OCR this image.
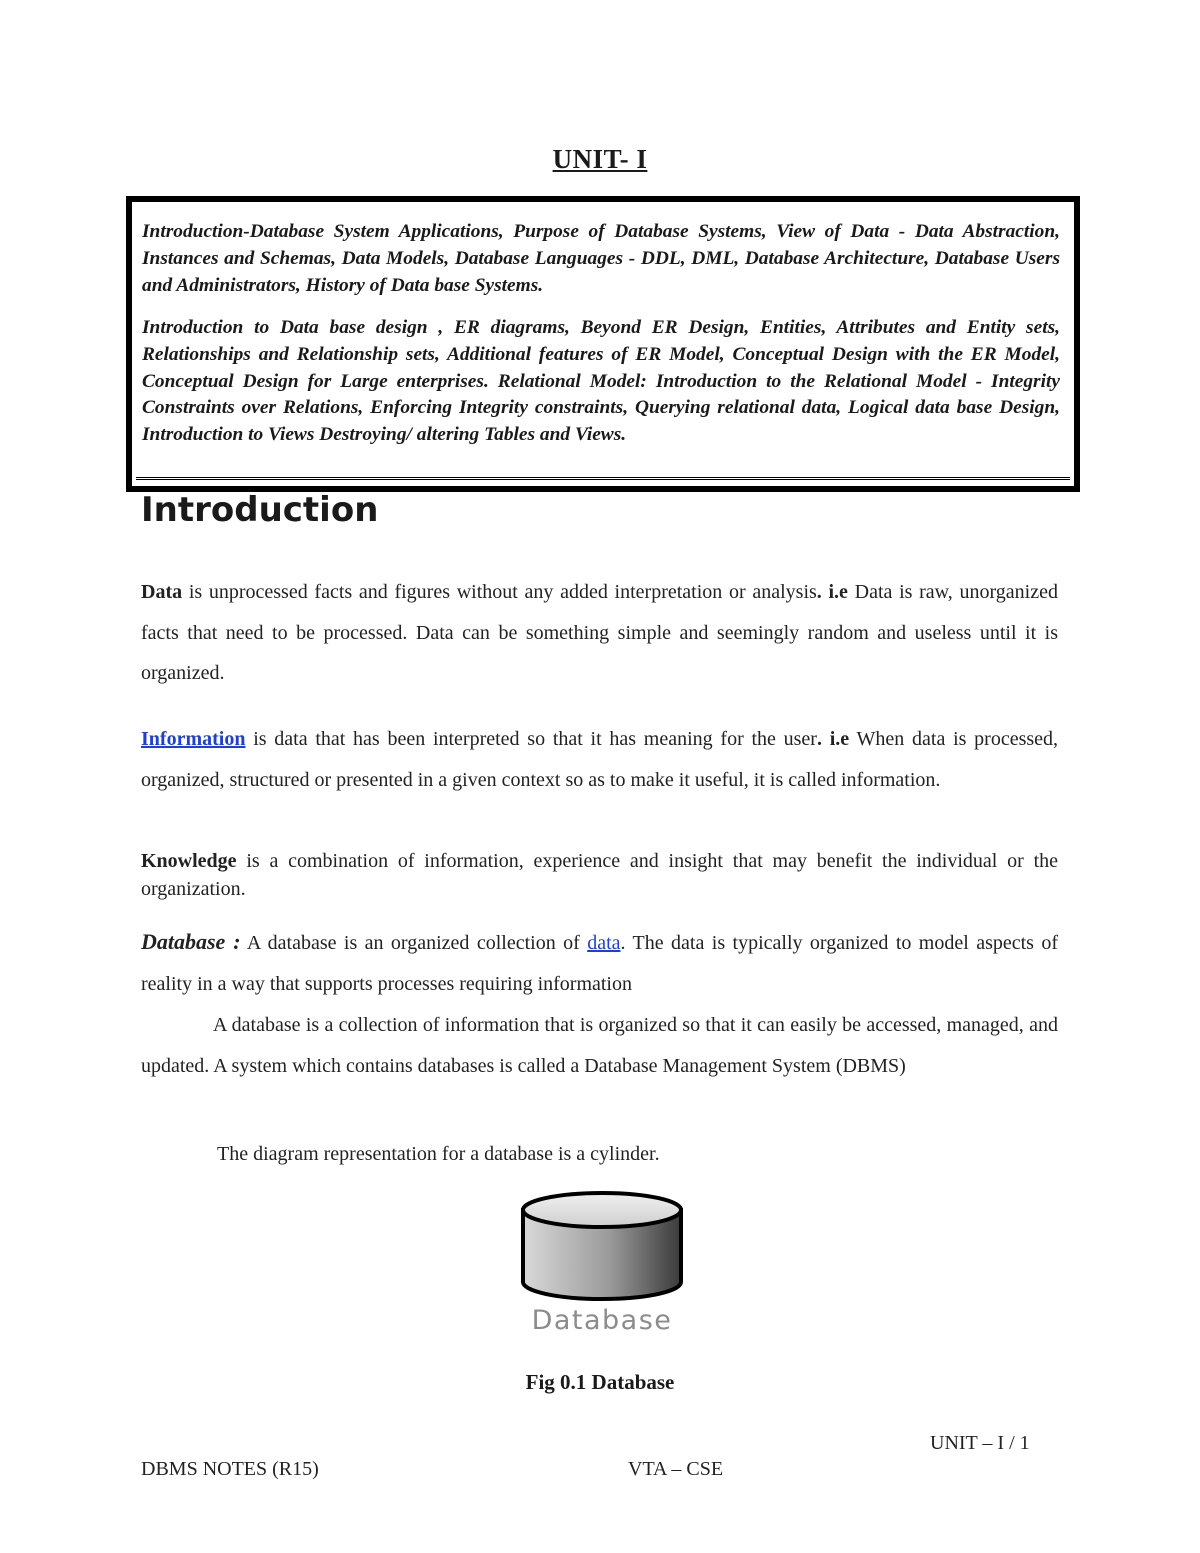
UNIT- I

Introduction-Database System Applications, Purpose of Database Systems, View of Data - Data Abstraction, Instances and Schemas, Data Models, Database Languages - DDL, DML, Database Architecture, Database Users and Administrators, History of Data base Systems.

Introduction to Data base design , ER diagrams, Beyond ER Design, Entities, Attributes and Entity sets, Relationships and Relationship sets, Additional features of ER Model, Conceptual Design with the ER Model, Conceptual Design for Large enterprises. Relational Model: Introduction to the Relational Model - Integrity Constraints over Relations, Enforcing Integrity constraints, Querying relational data, Logical data base Design, Introduction to Views Destroying/ altering Tables and Views.

Introduction

Data is unprocessed facts and figures without any added interpretation or analysis. i.e Data is raw, unorganized facts that need to be processed. Data can be something simple and seemingly random and useless until it is organized.

Information is data that has been interpreted so that it has meaning for the user. i.e When data is processed, organized, structured or presented in a given context so as to make it useful, it is called information.

Knowledge is a combination of information, experience and insight that may benefit the individual or the organization.

Database : A database is an organized collection of data. The data is typically organized to model aspects of reality in a way that supports processes requiring information

A database is a collection of information that is organized so that it can easily be accessed, managed, and updated. A system which contains databases is called a Database Management System (DBMS)

The diagram representation for a database is a cylinder.

Database
Fig 0.1 Database
UNIT – I / 1
DBMS NOTES (R15)	VTA – CSE
